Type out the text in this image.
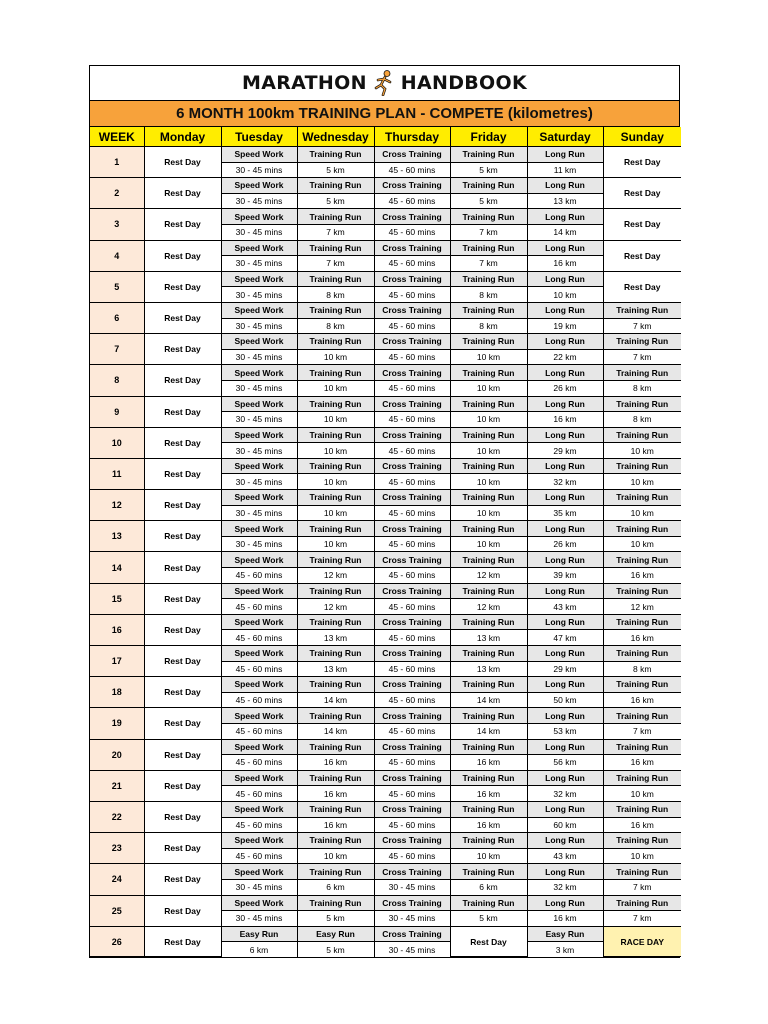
MARATHON HANDBOOK
6 MONTH 100km TRAINING PLAN - COMPETE (kilometres)
WEEK	Monday	Tuesday	Wednesday	Thursday	Friday	Saturday	Sunday
1	Rest Day	Speed Work	Training Run	Cross Training	Training Run	Long Run	Rest Day
		30 - 45 mins	5 km	45 - 60 mins	5 km	11 km	
2	Rest Day	Speed Work	Training Run	Cross Training	Training Run	Long Run	Rest Day
		30 - 45 mins	5 km	45 - 60 mins	5 km	13 km	
3	Rest Day	Speed Work	Training Run	Cross Training	Training Run	Long Run	Rest Day
		30 - 45 mins	7 km	45 - 60 mins	7 km	14 km	
4	Rest Day	Speed Work	Training Run	Cross Training	Training Run	Long Run	Rest Day
		30 - 45 mins	7 km	45 - 60 mins	7 km	16 km	
5	Rest Day	Speed Work	Training Run	Cross Training	Training Run	Long Run	Rest Day
		30 - 45 mins	8 km	45 - 60 mins	8 km	10 km	
6	Rest Day	Speed Work	Training Run	Cross Training	Training Run	Long Run	Training Run
		30 - 45 mins	8 km	45 - 60 mins	8 km	19 km	7 km
7	Rest Day	Speed Work	Training Run	Cross Training	Training Run	Long Run	Training Run
		30 - 45 mins	10 km	45 - 60 mins	10 km	22 km	7 km
8	Rest Day	Speed Work	Training Run	Cross Training	Training Run	Long Run	Training Run
		30 - 45 mins	10 km	45 - 60 mins	10 km	26 km	8 km
9	Rest Day	Speed Work	Training Run	Cross Training	Training Run	Long Run	Training Run
		30 - 45 mins	10 km	45 - 60 mins	10 km	16 km	8 km
10	Rest Day	Speed Work	Training Run	Cross Training	Training Run	Long Run	Training Run
		30 - 45 mins	10 km	45 - 60 mins	10 km	29 km	10 km
11	Rest Day	Speed Work	Training Run	Cross Training	Training Run	Long Run	Training Run
		30 - 45 mins	10 km	45 - 60 mins	10 km	32 km	10 km
12	Rest Day	Speed Work	Training Run	Cross Training	Training Run	Long Run	Training Run
		30 - 45 mins	10 km	45 - 60 mins	10 km	35 km	10 km
13	Rest Day	Speed Work	Training Run	Cross Training	Training Run	Long Run	Training Run
		30 - 45 mins	10 km	45 - 60 mins	10 km	26 km	10 km
14	Rest Day	Speed Work	Training Run	Cross Training	Training Run	Long Run	Training Run
		45 - 60 mins	12 km	45 - 60 mins	12 km	39 km	16 km
15	Rest Day	Speed Work	Training Run	Cross Training	Training Run	Long Run	Training Run
		45 - 60 mins	12 km	45 - 60 mins	12 km	43 km	12 km
16	Rest Day	Speed Work	Training Run	Cross Training	Training Run	Long Run	Training Run
		45 - 60 mins	13 km	45 - 60 mins	13 km	47 km	16 km
17	Rest Day	Speed Work	Training Run	Cross Training	Training Run	Long Run	Training Run
		45 - 60 mins	13 km	45 - 60 mins	13 km	29 km	8 km
18	Rest Day	Speed Work	Training Run	Cross Training	Training Run	Long Run	Training Run
		45 - 60 mins	14 km	45 - 60 mins	14 km	50 km	16 km
19	Rest Day	Speed Work	Training Run	Cross Training	Training Run	Long Run	Training Run
		45 - 60 mins	14 km	45 - 60 mins	14 km	53 km	7 km
20	Rest Day	Speed Work	Training Run	Cross Training	Training Run	Long Run	Training Run
		45 - 60 mins	16 km	45 - 60 mins	16 km	56 km	16 km
21	Rest Day	Speed Work	Training Run	Cross Training	Training Run	Long Run	Training Run
		45 - 60 mins	16 km	45 - 60 mins	16 km	32 km	10 km
22	Rest Day	Speed Work	Training Run	Cross Training	Training Run	Long Run	Training Run
		45 - 60 mins	16 km	45 - 60 mins	16 km	60 km	16 km
23	Rest Day	Speed Work	Training Run	Cross Training	Training Run	Long Run	Training Run
		45 - 60 mins	10 km	45 - 60 mins	10 km	43 km	10 km
24	Rest Day	Speed Work	Training Run	Cross Training	Training Run	Long Run	Training Run
		30 - 45 mins	6 km	30 - 45 mins	6 km	32 km	7 km
25	Rest Day	Speed Work	Training Run	Cross Training	Training Run	Long Run	Training Run
		30 - 45 mins	5 km	30 - 45 mins	5 km	16 km	7 km
26	Rest Day	Easy Run	Easy Run	Cross Training	Rest Day	Easy Run	RACE DAY
		6 km	5 km	30 - 45 mins		3 km	
